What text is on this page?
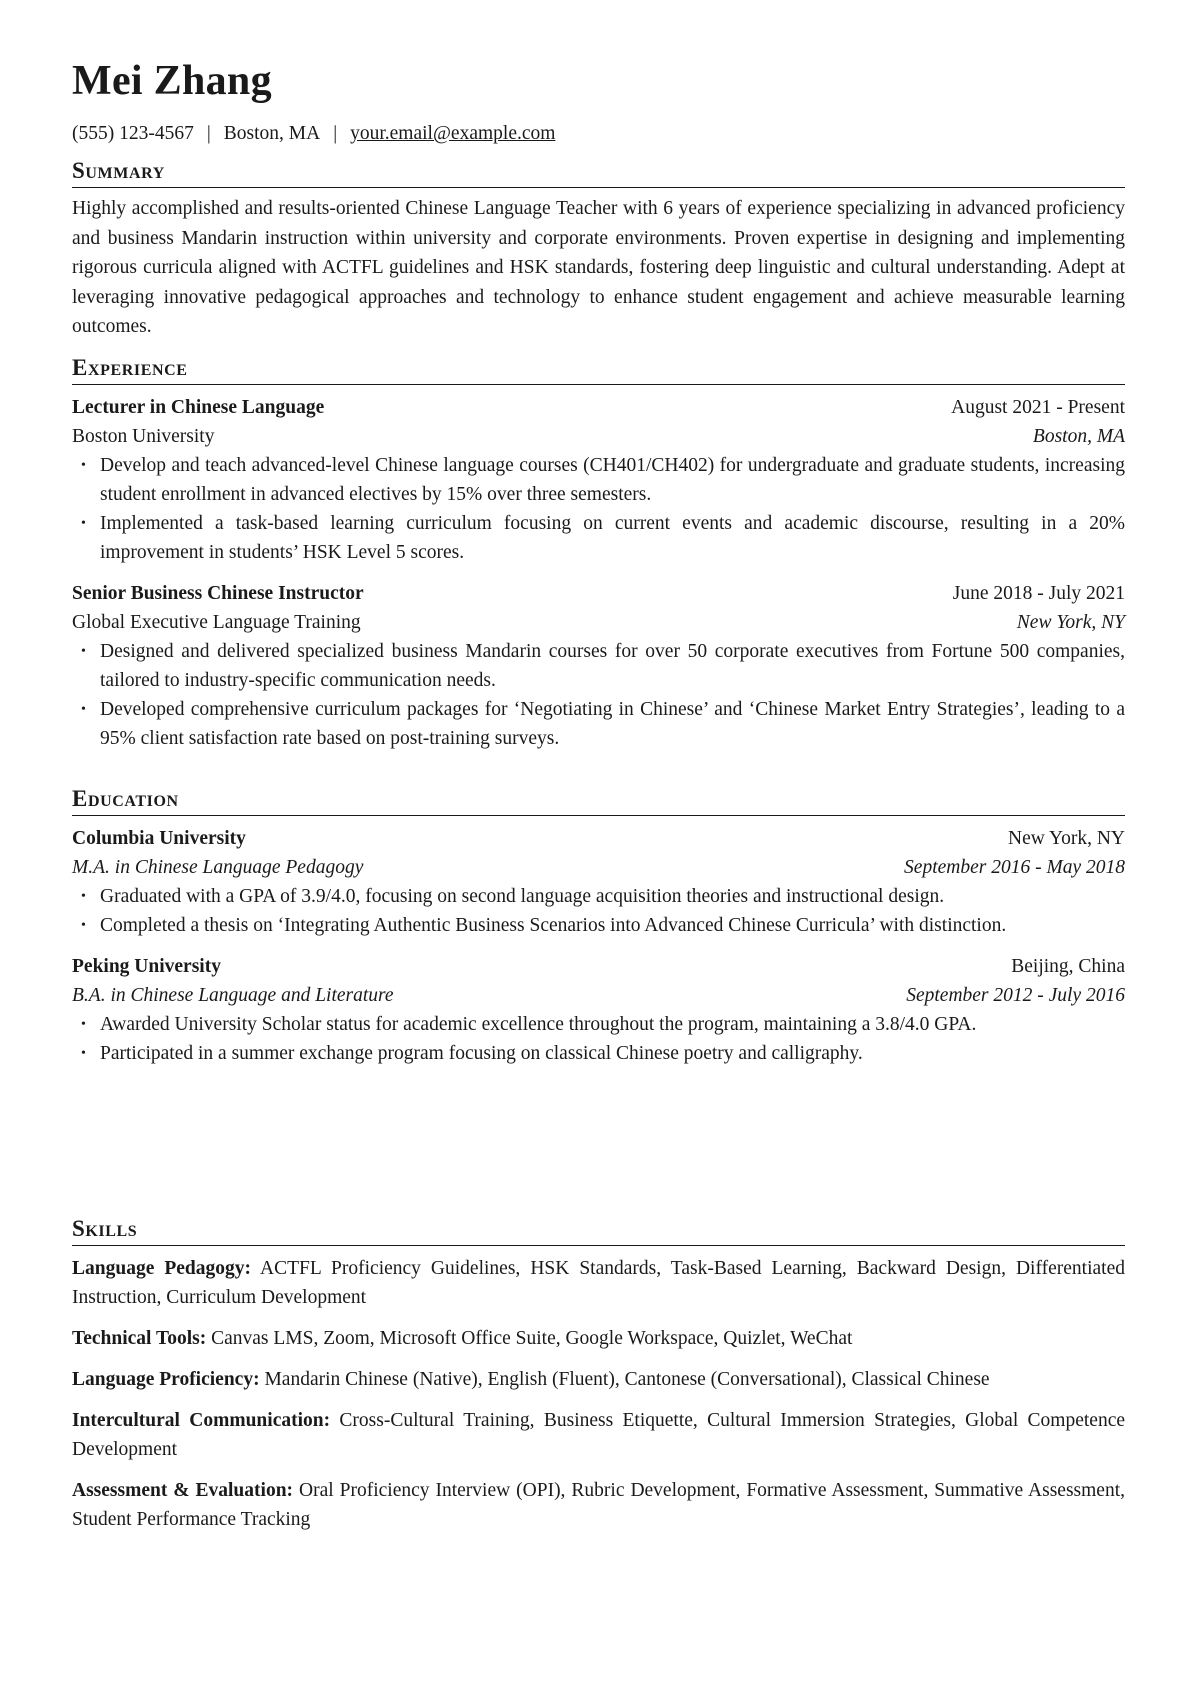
Mei Zhang
(555) 123-4567 | Boston, MA | your.email@example.com
Summary
Highly accomplished and results-oriented Chinese Language Teacher with 6 years of experience specializing in advanced proficiency and business Mandarin instruction within university and corporate environments. Proven expertise in designing and implementing rigorous curricula aligned with ACTFL guidelines and HSK standards, fostering deep linguistic and cultural understanding. Adept at leveraging innovative pedagogical approaches and technology to enhance student engagement and achieve measurable learning outcomes.
Experience
Lecturer in Chinese Language	August 2021 - Present
Boston University	Boston, MA
• Develop and teach advanced-level Chinese language courses (CH401/CH402) for undergraduate and graduate students, increasing student enrollment in advanced electives by 15% over three semesters.
• Implemented a task-based learning curriculum focusing on current events and academic discourse, resulting in a 20% improvement in students’ HSK Level 5 scores.
Senior Business Chinese Instructor	June 2018 - July 2021
Global Executive Language Training	New York, NY
• Designed and delivered specialized business Mandarin courses for over 50 corporate executives from Fortune 500 companies, tailored to industry-specific communication needs.
• Developed comprehensive curriculum packages for ‘Negotiating in Chinese’ and ‘Chinese Market Entry Strategies’, leading to a 95% client satisfaction rate based on post-training surveys.
Education
Columbia University	New York, NY
M.A. in Chinese Language Pedagogy	September 2016 - May 2018
• Graduated with a GPA of 3.9/4.0, focusing on second language acquisition theories and instructional design.
• Completed a thesis on ‘Integrating Authentic Business Scenarios into Advanced Chinese Curricula’ with distinction.
Peking University	Beijing, China
B.A. in Chinese Language and Literature	September 2012 - July 2016
• Awarded University Scholar status for academic excellence throughout the program, maintaining a 3.8/4.0 GPA.
• Participated in a summer exchange program focusing on classical Chinese poetry and calligraphy.
Skills
Language Pedagogy: ACTFL Proficiency Guidelines, HSK Standards, Task-Based Learning, Backward Design, Differentiated Instruction, Curriculum Development
Technical Tools: Canvas LMS, Zoom, Microsoft Office Suite, Google Workspace, Quizlet, WeChat
Language Proficiency: Mandarin Chinese (Native), English (Fluent), Cantonese (Conversational), Classical Chinese
Intercultural Communication: Cross-Cultural Training, Business Etiquette, Cultural Immersion Strategies, Global Competence Development
Assessment & Evaluation: Oral Proficiency Interview (OPI), Rubric Development, Formative Assessment, Summative Assessment, Student Performance Tracking
